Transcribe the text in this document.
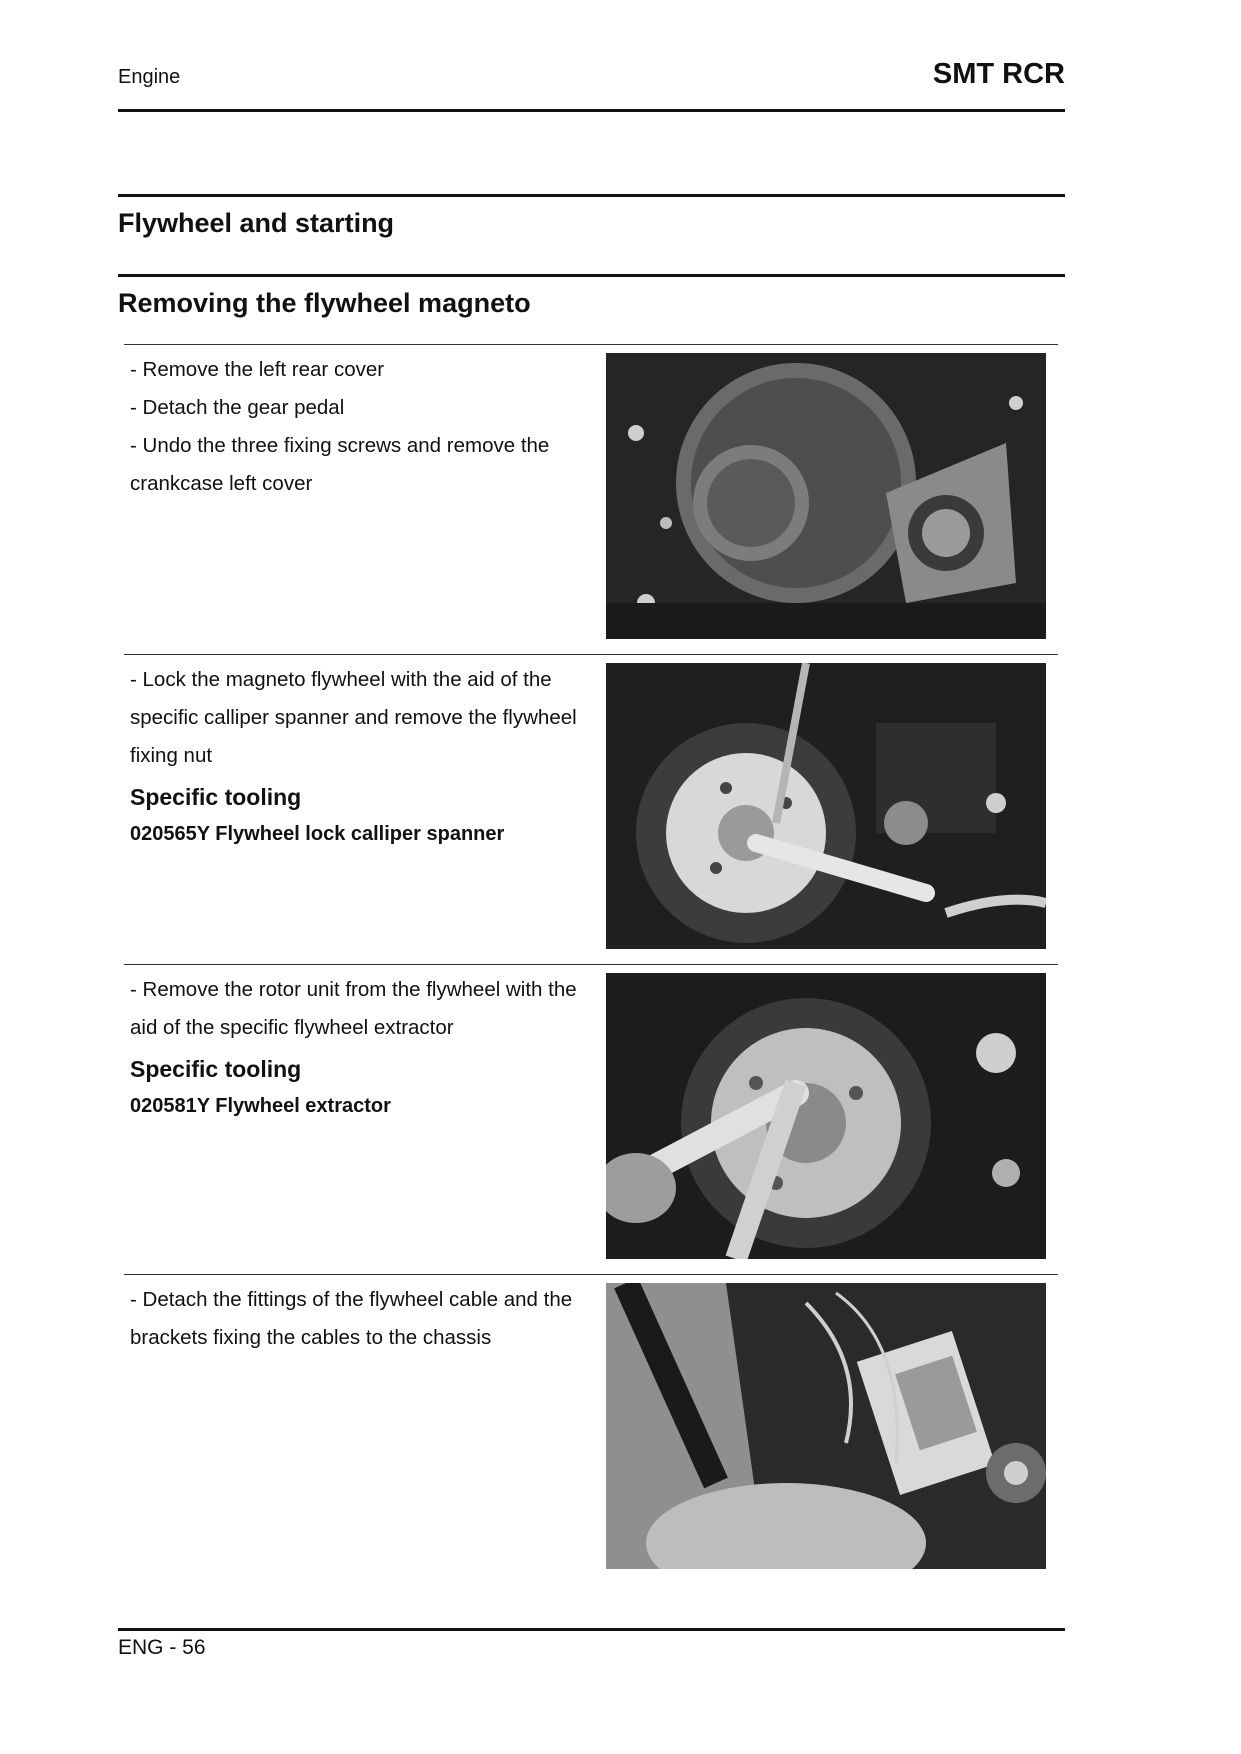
Engine	SMT RCR
Flywheel and starting
Removing the flywheel magneto

- Remove the left rear cover

- Detach the gear pedal

- Undo the three fixing screws and remove the

crankcase left cover

- Lock the magneto flywheel with the aid of the

specific calliper spanner and remove the flywheel

fixing nut

Specific tooling
020565Y Flywheel lock calliper spanner

- Remove the rotor unit from the flywheel with the

aid of the specific flywheel extractor

Specific tooling
020581Y Flywheel extractor

- Detach the fittings of the flywheel cable and the

brackets fixing the cables to the chassis

ENG - 56
